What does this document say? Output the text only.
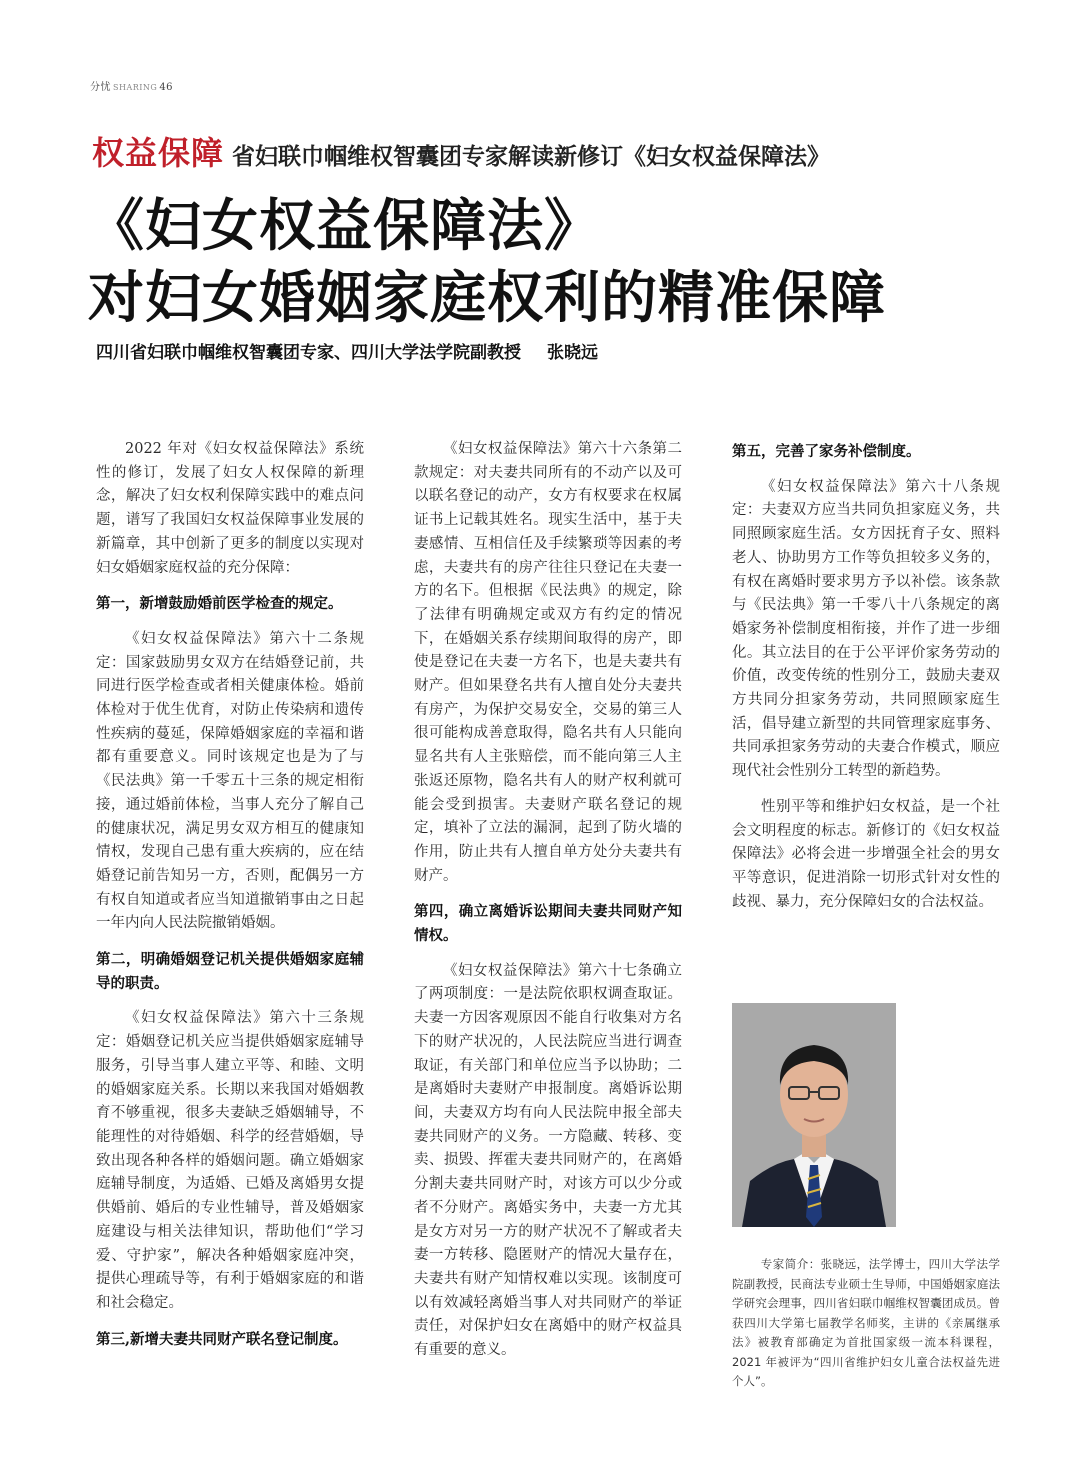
分忧 SHARING 46
权益保障 省妇联巾帼维权智囊团专家解读新修订《妇女权益保障法》
《妇女权益保障法》
对妇女婚姻家庭权利的精准保障
四川省妇联巾帼维权智囊团专家、四川大学法学院副教授 张晓远

2022 年对《妇女权益保障法》系统性的修订，发展了妇女人权保障的新理念，解决了妇女权利保障实践中的难点问题，谱写了我国妇女权益保障事业发展的新篇章，其中创新了更多的制度以实现对妇女婚姻家庭权益的充分保障：

第一，新增鼓励婚前医学检查的规定。

《妇女权益保障法》第六十二条规定：国家鼓励男女双方在结婚登记前，共同进行医学检查或者相关健康体检。婚前体检对于优生优育，对防止传染病和遗传性疾病的蔓延，保障婚姻家庭的幸福和谐都有重要意义。同时该规定也是为了与《民法典》第一千零五十三条的规定相衔接，通过婚前体检，当事人充分了解自己的健康状况，满足男女双方相互的健康知情权，发现自己患有重大疾病的，应在结婚登记前告知另一方，否则，配偶另一方有权自知道或者应当知道撤销事由之日起一年内向人民法院撤销婚姻。

第二，明确婚姻登记机关提供婚姻家庭辅导的职责。

《妇女权益保障法》第六十三条规定：婚姻登记机关应当提供婚姻家庭辅导服务，引导当事人建立平等、和睦、文明的婚姻家庭关系。长期以来我国对婚姻教育不够重视，很多夫妻缺乏婚姻辅导，不能理性的对待婚姻、科学的经营婚姻，导致出现各种各样的婚姻问题。确立婚姻家庭辅导制度，为适婚、已婚及离婚男女提供婚前、婚后的专业性辅导，普及婚姻家庭建设与相关法律知识，帮助他们“学习爱、守护家”，解决各种婚姻家庭冲突，提供心理疏导等，有利于婚姻家庭的和谐和社会稳定。

第三,新增夫妻共同财产联名登记制度。

《妇女权益保障法》第六十六条第二款规定：对夫妻共同所有的不动产以及可以联名登记的动产，女方有权要求在权属证书上记载其姓名。现实生活中，基于夫妻感情、互相信任及手续繁琐等因素的考虑，夫妻共有的房产往往只登记在夫妻一方的名下。但根据《民法典》的规定，除了法律有明确规定或双方有约定的情况下，在婚姻关系存续期间取得的房产，即使是登记在夫妻一方名下，也是夫妻共有财产。但如果登名共有人擅自处分夫妻共有房产，为保护交易安全，交易的第三人很可能构成善意取得，隐名共有人只能向显名共有人主张赔偿，而不能向第三人主张返还原物，隐名共有人的财产权利就可能会受到损害。夫妻财产联名登记的规定，填补了立法的漏洞，起到了防火墙的作用，防止共有人擅自单方处分夫妻共有财产。

第四，确立离婚诉讼期间夫妻共同财产知情权。

《妇女权益保障法》第六十七条确立了两项制度：一是法院依职权调查取证。夫妻一方因客观原因不能自行收集对方名下的财产状况的，人民法院应当进行调查取证，有关部门和单位应当予以协助；二是离婚时夫妻财产申报制度。离婚诉讼期间，夫妻双方均有向人民法院申报全部夫妻共同财产的义务。一方隐藏、转移、变卖、损毁、挥霍夫妻共同财产的，在离婚分割夫妻共同财产时，对该方可以少分或者不分财产。离婚实务中，夫妻一方尤其是女方对另一方的财产状况不了解或者夫妻一方转移、隐匿财产的情况大量存在，夫妻共有财产知情权难以实现。该制度可以有效减轻离婚当事人对共同财产的举证责任，对保护妇女在离婚中的财产权益具有重要的意义。

第五，完善了家务补偿制度。

《妇女权益保障法》第六十八条规定：夫妻双方应当共同负担家庭义务，共同照顾家庭生活。女方因抚育子女、照料老人、协助男方工作等负担较多义务的，有权在离婚时要求男方予以补偿。该条款与《民法典》第一千零八十八条规定的离婚家务补偿制度相衔接，并作了进一步细化。其立法目的在于公平评价家务劳动的价值，改变传统的性别分工，鼓励夫妻双方共同分担家务劳动，共同照顾家庭生活，倡导建立新型的共同管理家庭事务、共同承担家务劳动的夫妻合作模式，顺应现代社会性别分工转型的新趋势。

性别平等和维护妇女权益，是一个社会文明程度的标志。新修订的《妇女权益保障法》必将会进一步增强全社会的男女平等意识，促进消除一切形式针对女性的歧视、暴力，充分保障妇女的合法权益。

专家简介：张晓远，法学博士，四川大学法学院副教授，民商法专业硕士生导师，中国婚姻家庭法学研究会理事，四川省妇联巾帼维权智囊团成员。曾获四川大学第七届教学名师奖，主讲的《亲属继承法》被教育部确定为首批国家级一流本科课程，2021 年被评为“四川省维护妇女儿童合法权益先进个人”。
